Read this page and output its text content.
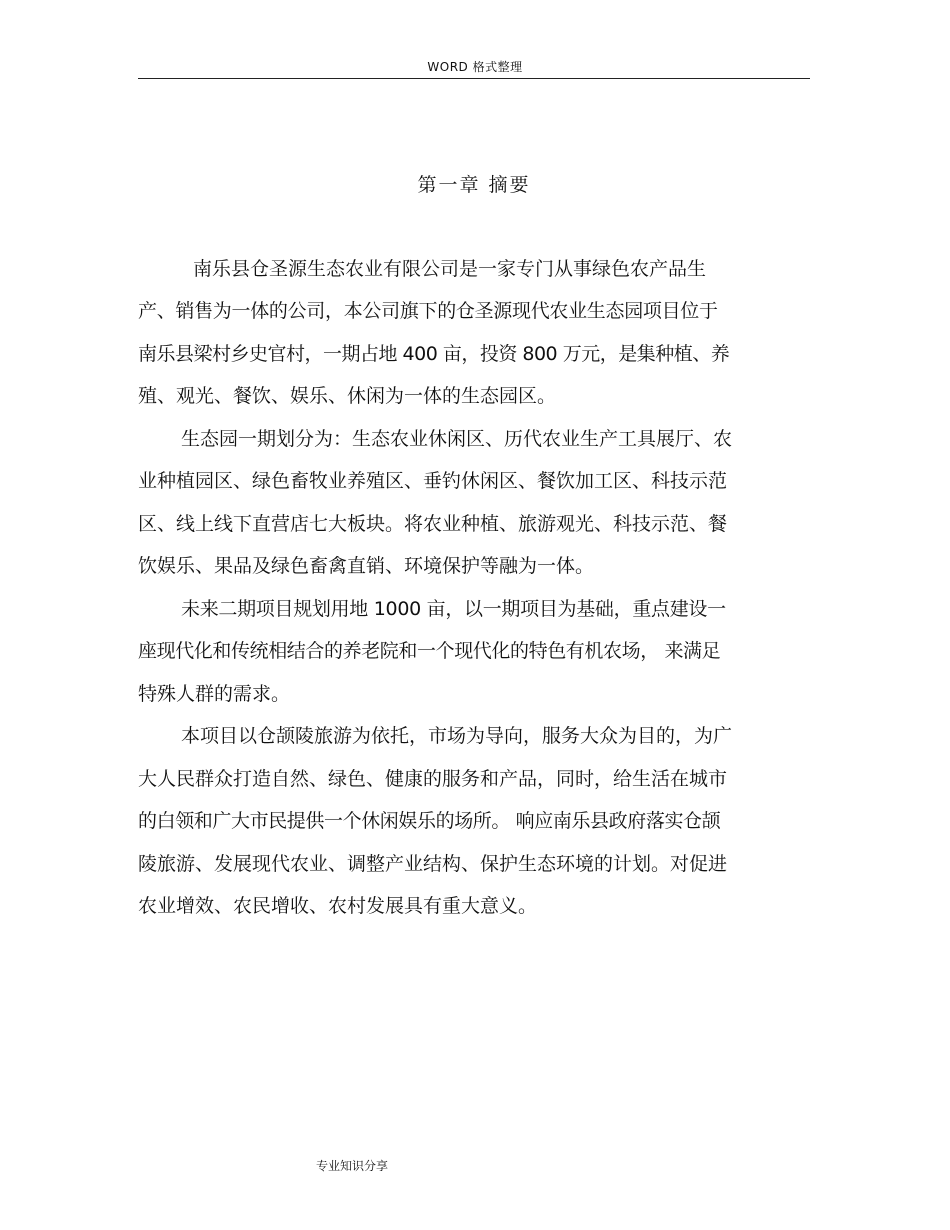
WORD 格式整理
第一章 摘要
南乐县仓圣源生态农业有限公司是一家专门从事绿色农产品生
产、销售为一体的公司，本公司旗下的仓圣源现代农业生态园项目位于
南乐县梁村乡史官村，一期占地 400 亩，投资 800 万元，是集种植、养
殖、观光、餐饮、娱乐、休闲为一体的生态园区。
生态园一期划分为：生态农业休闲区、历代农业生产工具展厅、农
业种植园区、绿色畜牧业养殖区、垂钓休闲区、餐饮加工区、科技示范
区、线上线下直营店七大板块。将农业种植、旅游观光、科技示范、餐
饮娱乐、果品及绿色畜禽直销、环境保护等融为一体。
未来二期项目规划用地 1000 亩，以一期项目为基础，重点建设一
座现代化和传统相结合的养老院和一个现代化的特色有机农场， 来满足
特殊人群的需求。
本项目以仓颉陵旅游为依托，市场为导向，服务大众为目的，为广
大人民群众打造自然、绿色、健康的服务和产品，同时，给生活在城市
的白领和广大市民提供一个休闲娱乐的场所。 响应南乐县政府落实仓颉
陵旅游、发展现代农业、调整产业结构、保护生态环境的计划。对促进
农业增效、农民增收、农村发展具有重大意义。
专业知识分享
